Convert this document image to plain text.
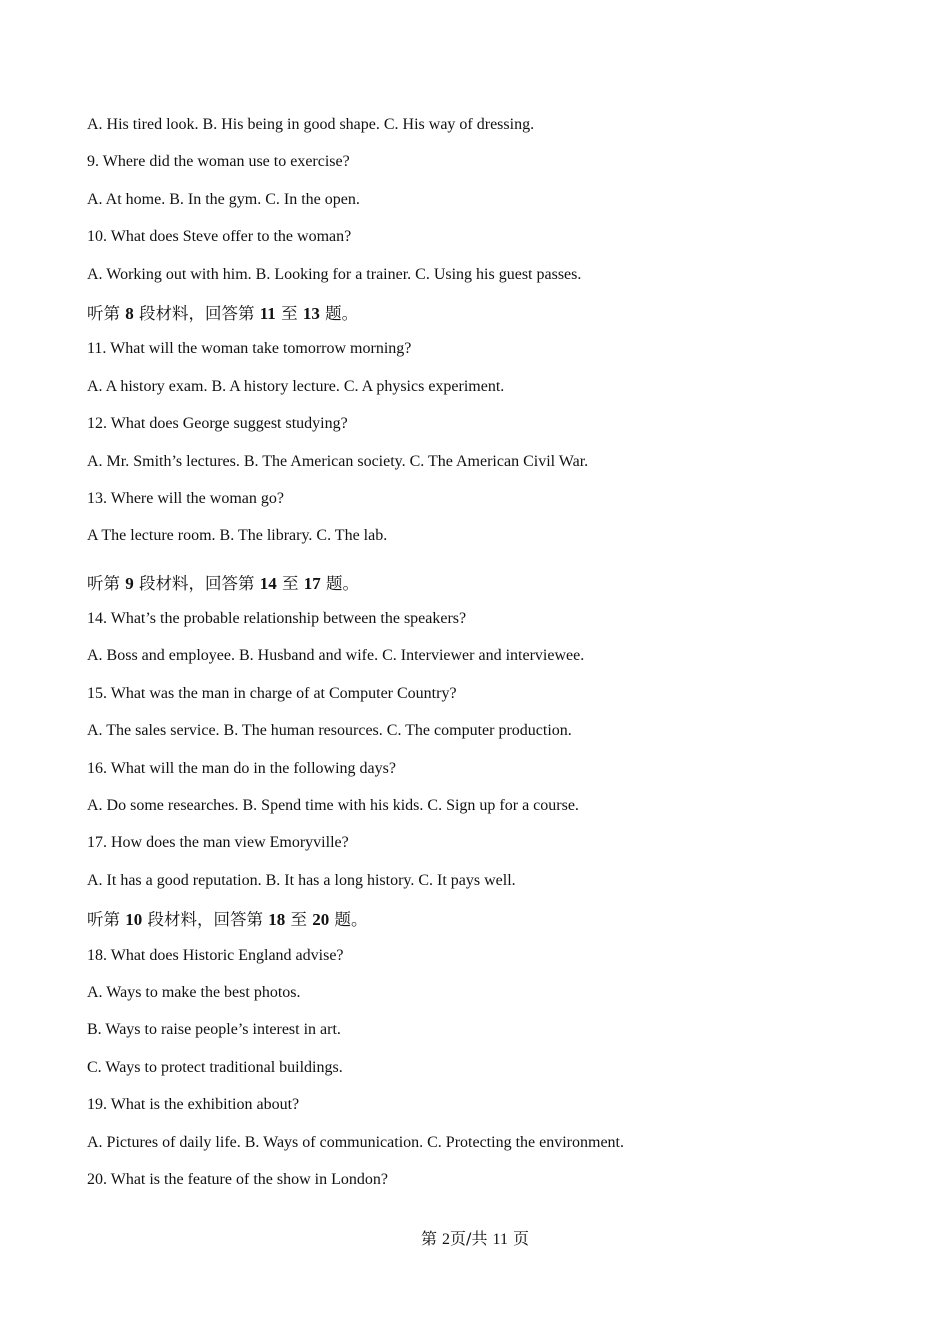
A. His tired look. B. His being in good shape. C. His way of dressing.
9. Where did the woman use to exercise?
A. At home. B. In the gym. C. In the open.
10. What does Steve offer to the woman?
A. Working out with him. B. Looking for a trainer. C. Using his guest passes.
听第 8 段材料，回答第 11 至 13 题。
11. What will the woman take tomorrow morning?
A. A history exam. B. A history lecture. C. A physics experiment.
12. What does George suggest studying?
A. Mr. Smith’s lectures. B. The American society. C. The American Civil War.
13. Where will the woman go?
A The lecture room. B. The library. C. The lab.
听第 9 段材料，回答第 14 至 17 题。
14. What’s the probable relationship between the speakers?
A. Boss and employee. B. Husband and wife. C. Interviewer and interviewee.
15. What was the man in charge of at Computer Country?
A. The sales service. B. The human resources. C. The computer production.
16. What will the man do in the following days?
A. Do some researches. B. Spend time with his kids. C. Sign up for a course.
17. How does the man view Emoryville?
A. It has a good reputation. B. It has a long history. C. It pays well.
听第 10 段材料，回答第 18 至 20 题。
18. What does Historic England advise?
A. Ways to make the best photos.
B. Ways to raise people’s interest in art.
C. Ways to protect traditional buildings.
19. What is the exhibition about?
A. Pictures of daily life. B. Ways of communication. C. Protecting the environment.
20. What is the feature of the show in London?
第 2页/共 11 页
